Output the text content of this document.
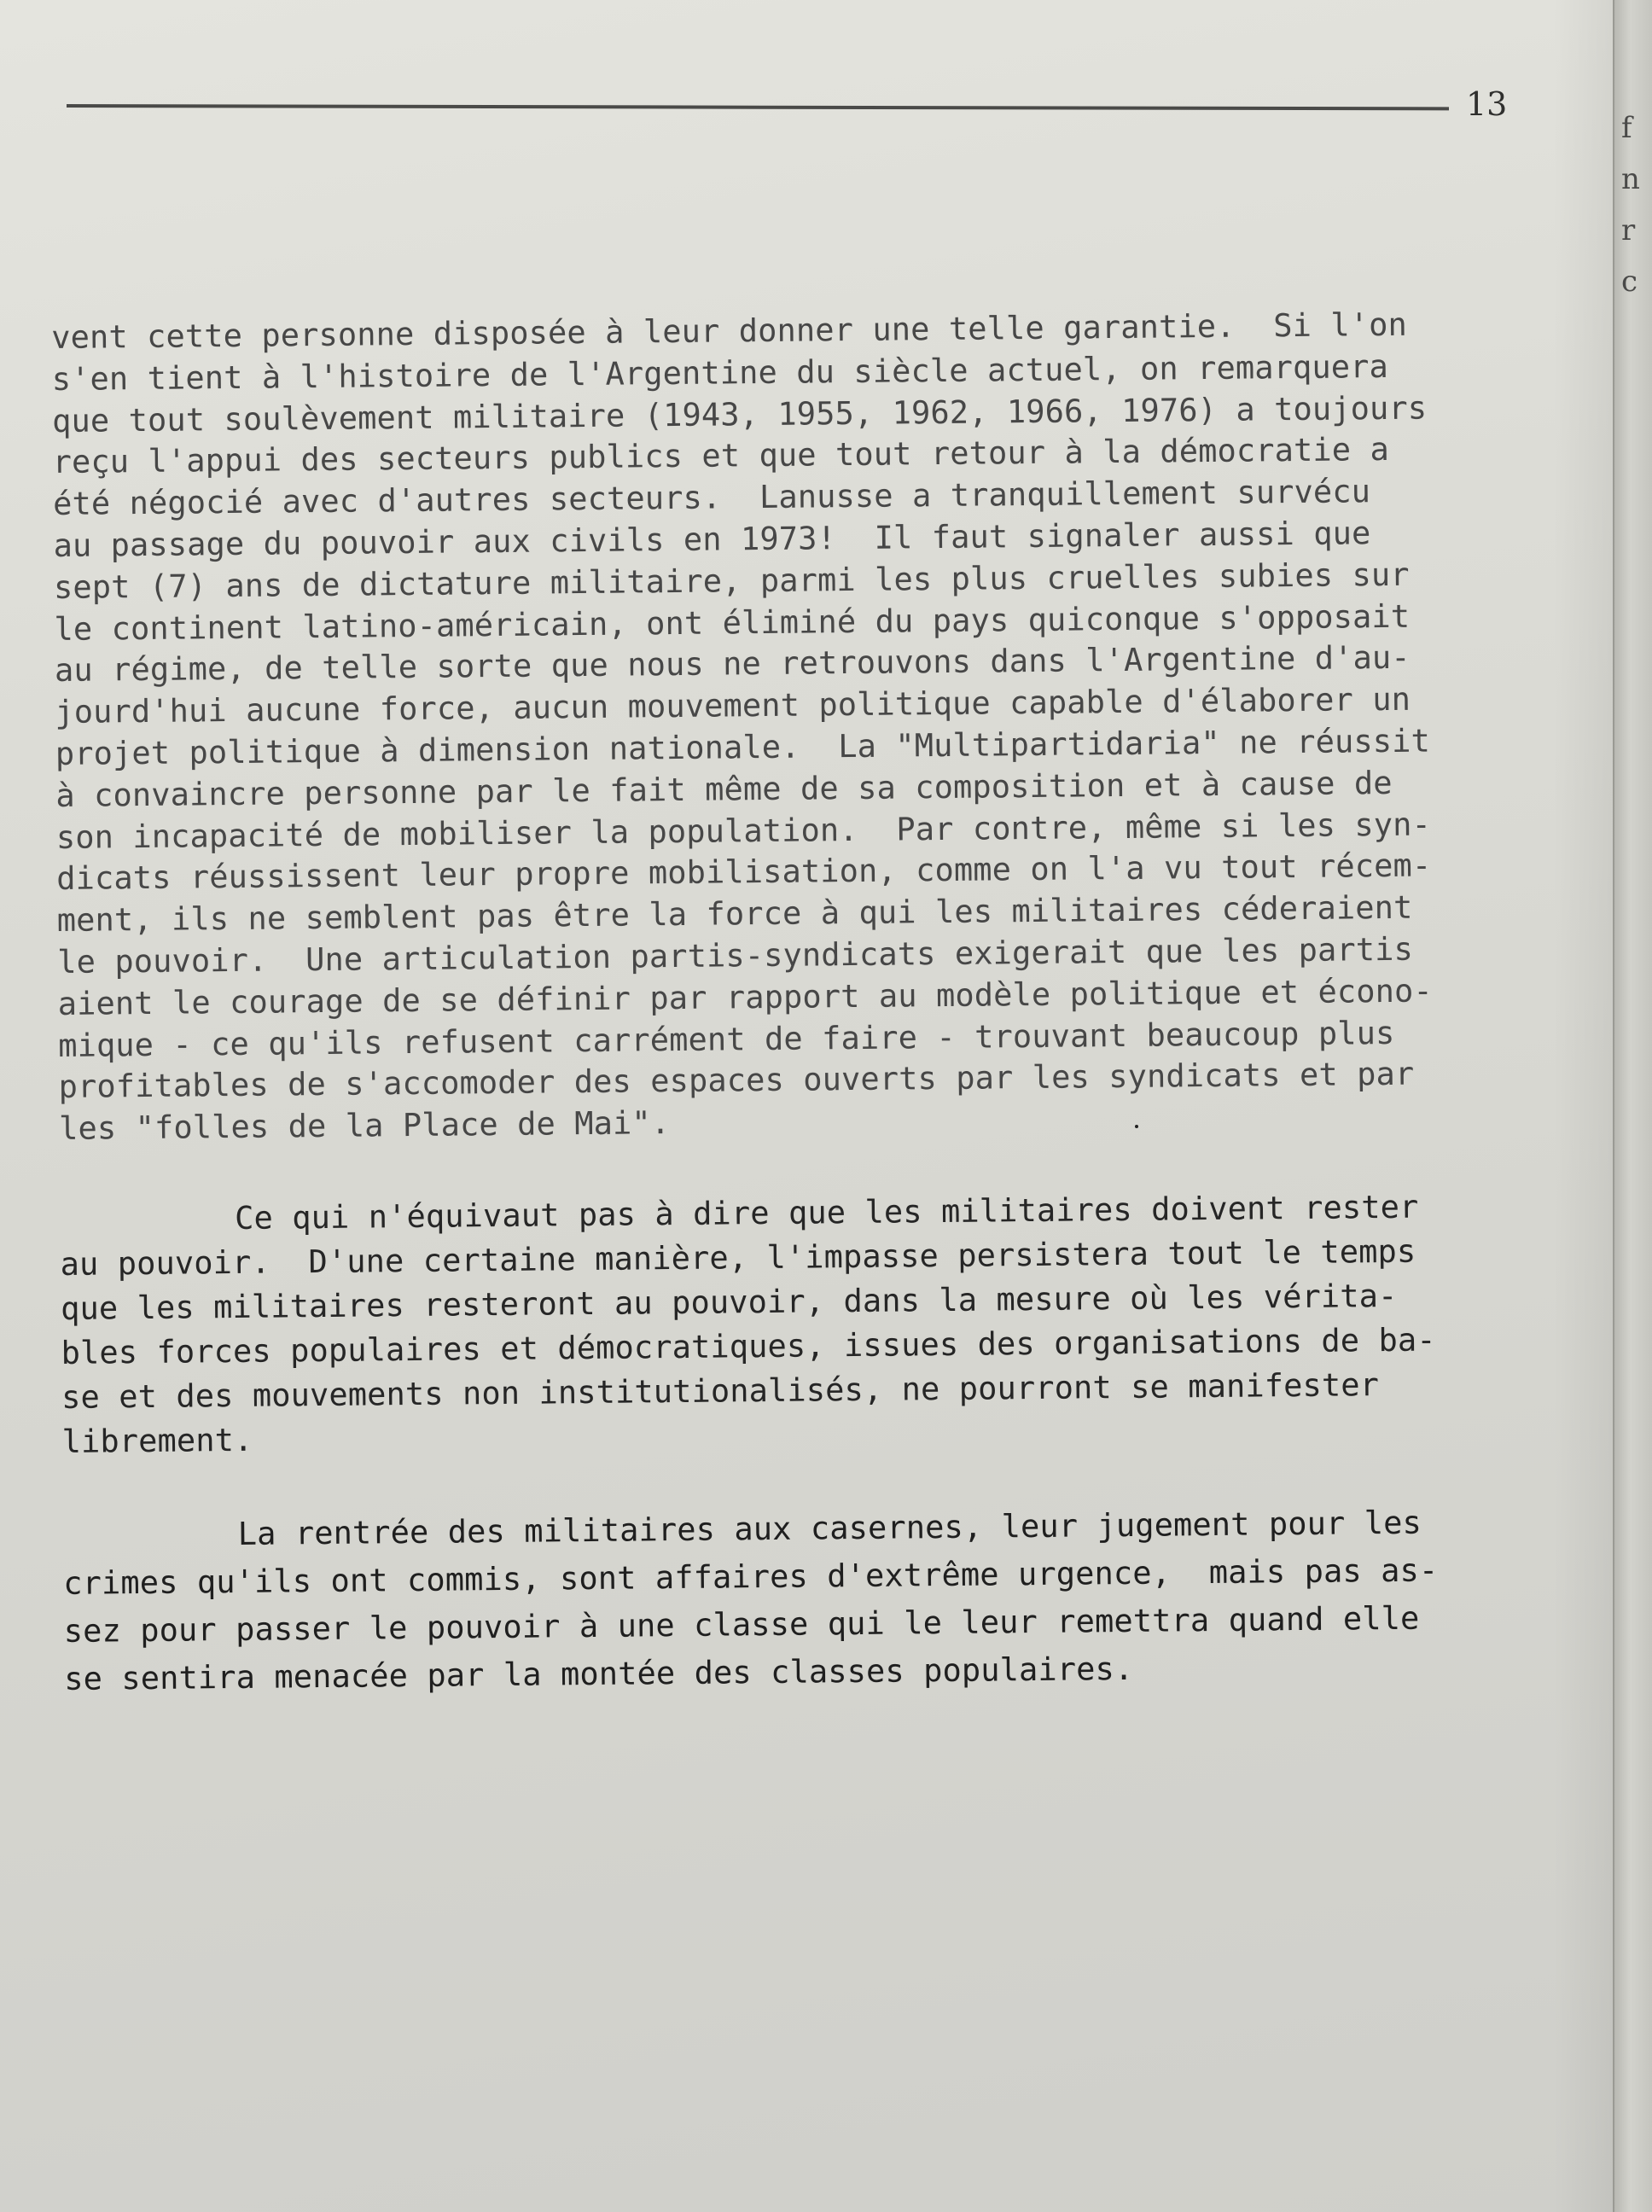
13
vent cette personne disposée à leur donner une telle garantie.  Si l'on
s'en tient à l'histoire de l'Argentine du siècle actuel, on remarquera
que tout soulèvement militaire (1943, 1955, 1962, 1966, 1976) a toujours
reçu l'appui des secteurs publics et que tout retour à la démocratie a
été négocié avec d'autres secteurs.  Lanusse a tranquillement survécu
au passage du pouvoir aux civils en 1973!  Il faut signaler aussi que
sept (7) ans de dictature militaire, parmi les plus cruelles subies sur
le continent latino-américain, ont éliminé du pays quiconque s'opposait
au régime, de telle sorte que nous ne retrouvons dans l'Argentine d'au-
jourd'hui aucune force, aucun mouvement politique capable d'élaborer un
projet politique à dimension nationale.  La "Multipartidaria" ne réussit
à convaincre personne par le fait même de sa composition et à cause de
son incapacité de mobiliser la population.  Par contre, même si les syn-
dicats réussissent leur propre mobilisation, comme on l'a vu tout récem-
ment, ils ne semblent pas être la force à qui les militaires céderaient
le pouvoir.  Une articulation partis-syndicats exigerait que les partis
aient le courage de se définir par rapport au modèle politique et écono-
mique - ce qu'ils refusent carrément de faire - trouvant beaucoup plus
profitables de s'accomoder des espaces ouverts par les syndicats et par
les "folles de la Place de Mai".
Ce qui n'équivaut pas à dire que les militaires doivent rester
au pouvoir.  D'une certaine manière, l'impasse persistera tout le temps
que les militaires resteront au pouvoir, dans la mesure où les vérita-
bles forces populaires et démocratiques, issues des organisations de ba-
se et des mouvements non institutionalisés, ne pourront se manifester
librement.
La rentrée des militaires aux casernes, leur jugement pour les
crimes qu'ils ont commis, sont affaires d'extrême urgence,  mais pas as-
sez pour passer le pouvoir à une classe qui le leur remettra quand elle
se sentira menacée par la montée des classes populaires.
f
n
r
c
